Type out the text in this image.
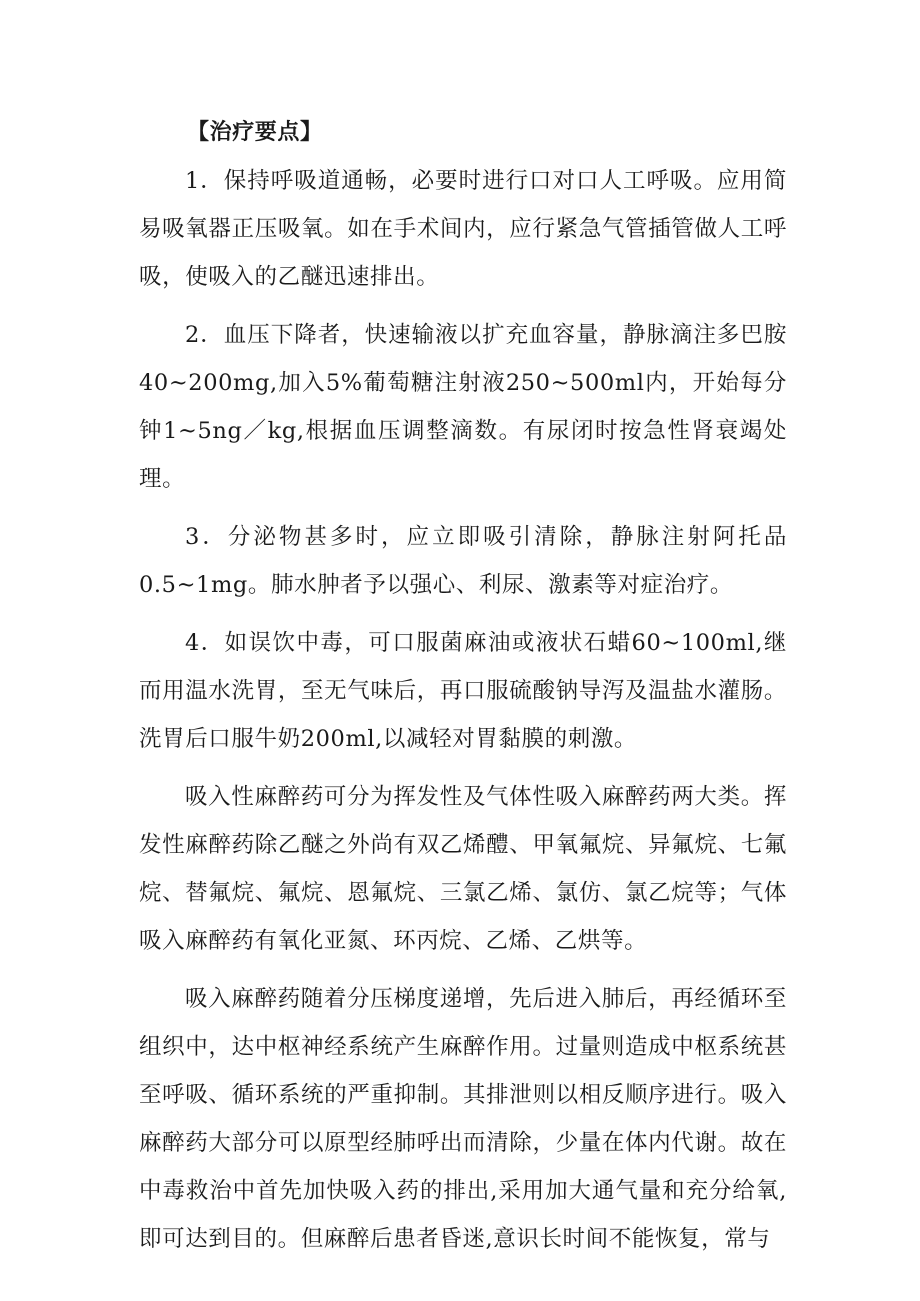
【治疗要点】

1．保持呼吸道通畅，必要时进行口对口人工呼吸。应用简易吸氧器正压吸氧。如在手术间内，应行紧急气管插管做人工呼吸，使吸入的乙醚迅速排出。

2．血压下降者，快速输液以扩充血容量，静脉滴注多巴胺40~200mg,加入5%葡萄糖注射液250~500ml内，开始每分钟1~5ng／kg,根据血压调整滴数。有尿闭时按急性肾衰竭处理。

3．分泌物甚多时，应立即吸引清除，静脉注射阿托品0.5~1mg。肺水肿者予以强心、利尿、激素等对症治疗。

4．如误饮中毒，可口服菌麻油或液状石蜡60~100ml,继而用温水洗胃，至无气味后，再口服硫酸钠导泻及温盐水灌肠。洗胃后口服牛奶200ml,以减轻对胃黏膜的刺激。

吸入性麻醉药可分为挥发性及气体性吸入麻醉药两大类。挥发性麻醉药除乙醚之外尚有双乙烯醴、甲氧氟烷、异氟烷、七氟烷、替氟烷、氟烷、恩氟烷、三氯乙烯、氯仿、氯乙烷等；气体吸入麻醉药有氧化亚氮、环丙烷、乙烯、乙烘等。

吸入麻醉药随着分压梯度递增，先后进入肺后，再经循环至组织中，达中枢神经系统产生麻醉作用。过量则造成中枢系统甚至呼吸、循环系统的严重抑制。其排泄则以相反顺序进行。吸入麻醉药大部分可以原型经肺呼出而清除，少量在体内代谢。故在中毒救治中首先加快吸入药的排出,采用加大通气量和充分给氧,即可达到目的。但麻醉后患者昏迷,意识长时间不能恢复，常与
